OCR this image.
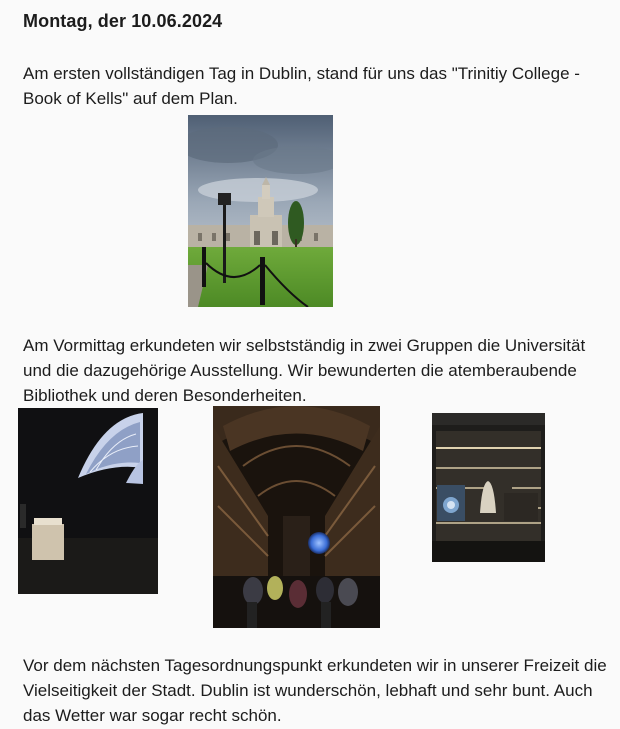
Montag, der 10.06.2024
Am ersten vollständigen Tag in Dublin, stand für uns das "Trinitiy College - Book of Kells" auf dem Plan.
Am Vormittag erkundeten wir selbstständig in zwei Gruppen die Universität und die dazugehörige Ausstellung. Wir bewunderten die atemberaubende Bibliothek und deren Besonderheiten.
Vor dem nächsten Tagesordnungspunkt erkundeten wir in unserer Freizeit die Vielseitigkeit der Stadt. Dublin ist wunderschön, lebhaft und sehr bunt. Auch das Wetter war sogar recht schön.
